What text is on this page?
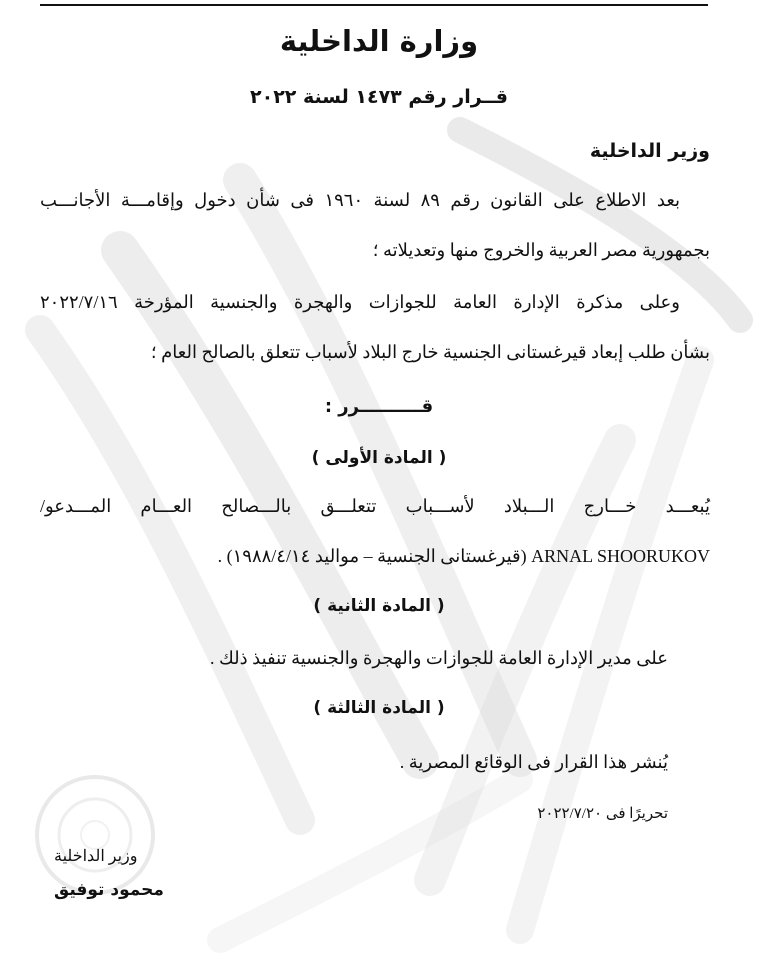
وزارة الداخلية
قــرار رقم ١٤٧٣ لسنة ٢٠٢٢
وزير الداخلية
بعد الاطلاع على القانون رقم ٨٩ لسنة ١٩٦٠ فى شأن دخول وإقامـــة الأجانـــب
بجمهورية مصر العربية والخروج منها وتعديلاته ؛
وعلى مذكرة الإدارة العامة للجوازات والهجرة والجنسية المؤرخة ٢٠٢٢/٧/١٦
بشأن طلب إبعاد قيرغستانى الجنسية خارج البلاد لأسباب تتعلق بالصالح العام ؛
قــــــــــرر :
( المادة الأولى )
يُبعـــد خـــارج الـــبلاد لأســـباب تتعلـــق بالـــصالح العـــام المـــدعو/
ARNAL SHOORUKOV (قيرغستانى الجنسية – مواليد ١٩٨٨/٤/١٤) .
( المادة الثانية )
على مدير الإدارة العامة للجوازات والهجرة والجنسية تنفيذ ذلك .
( المادة الثالثة )
يُنشر هذا القرار فى الوقائع المصرية .
تحريرًا فى ٢٠٢٢/٧/٢٠
وزير الداخلية
محمود توفيق
